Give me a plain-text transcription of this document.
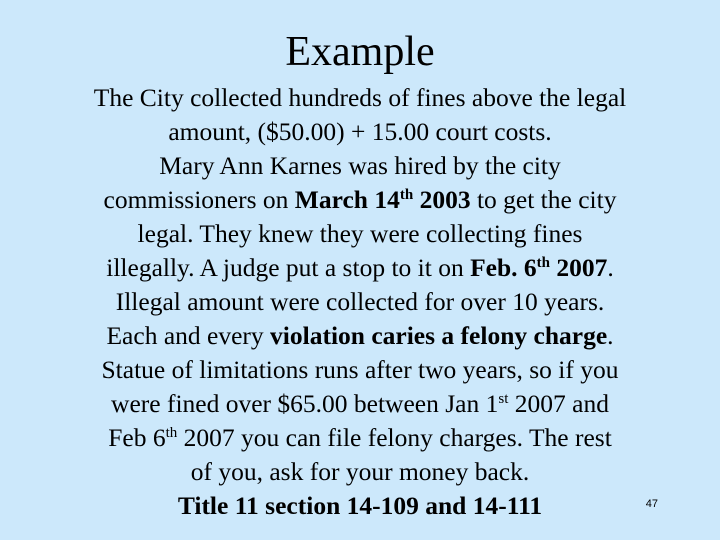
Example
The City collected hundreds of fines above the legal
amount, ($50.00) + 15.00 court costs.
Mary Ann Karnes was hired by the city
commissioners on March 14th 2003 to get the city
legal. They knew they were collecting fines
illegally. A judge put a stop to it on Feb. 6th 2007.
Illegal amount were collected for over 10 years.
Each and every violation caries a felony charge.
Statue of limitations runs after two years, so if you
were fined over $65.00 between Jan 1st 2007 and
Feb 6th 2007 you can file felony charges. The rest
of you, ask for your money back.
Title 11 section 14-109 and 14-111	47
